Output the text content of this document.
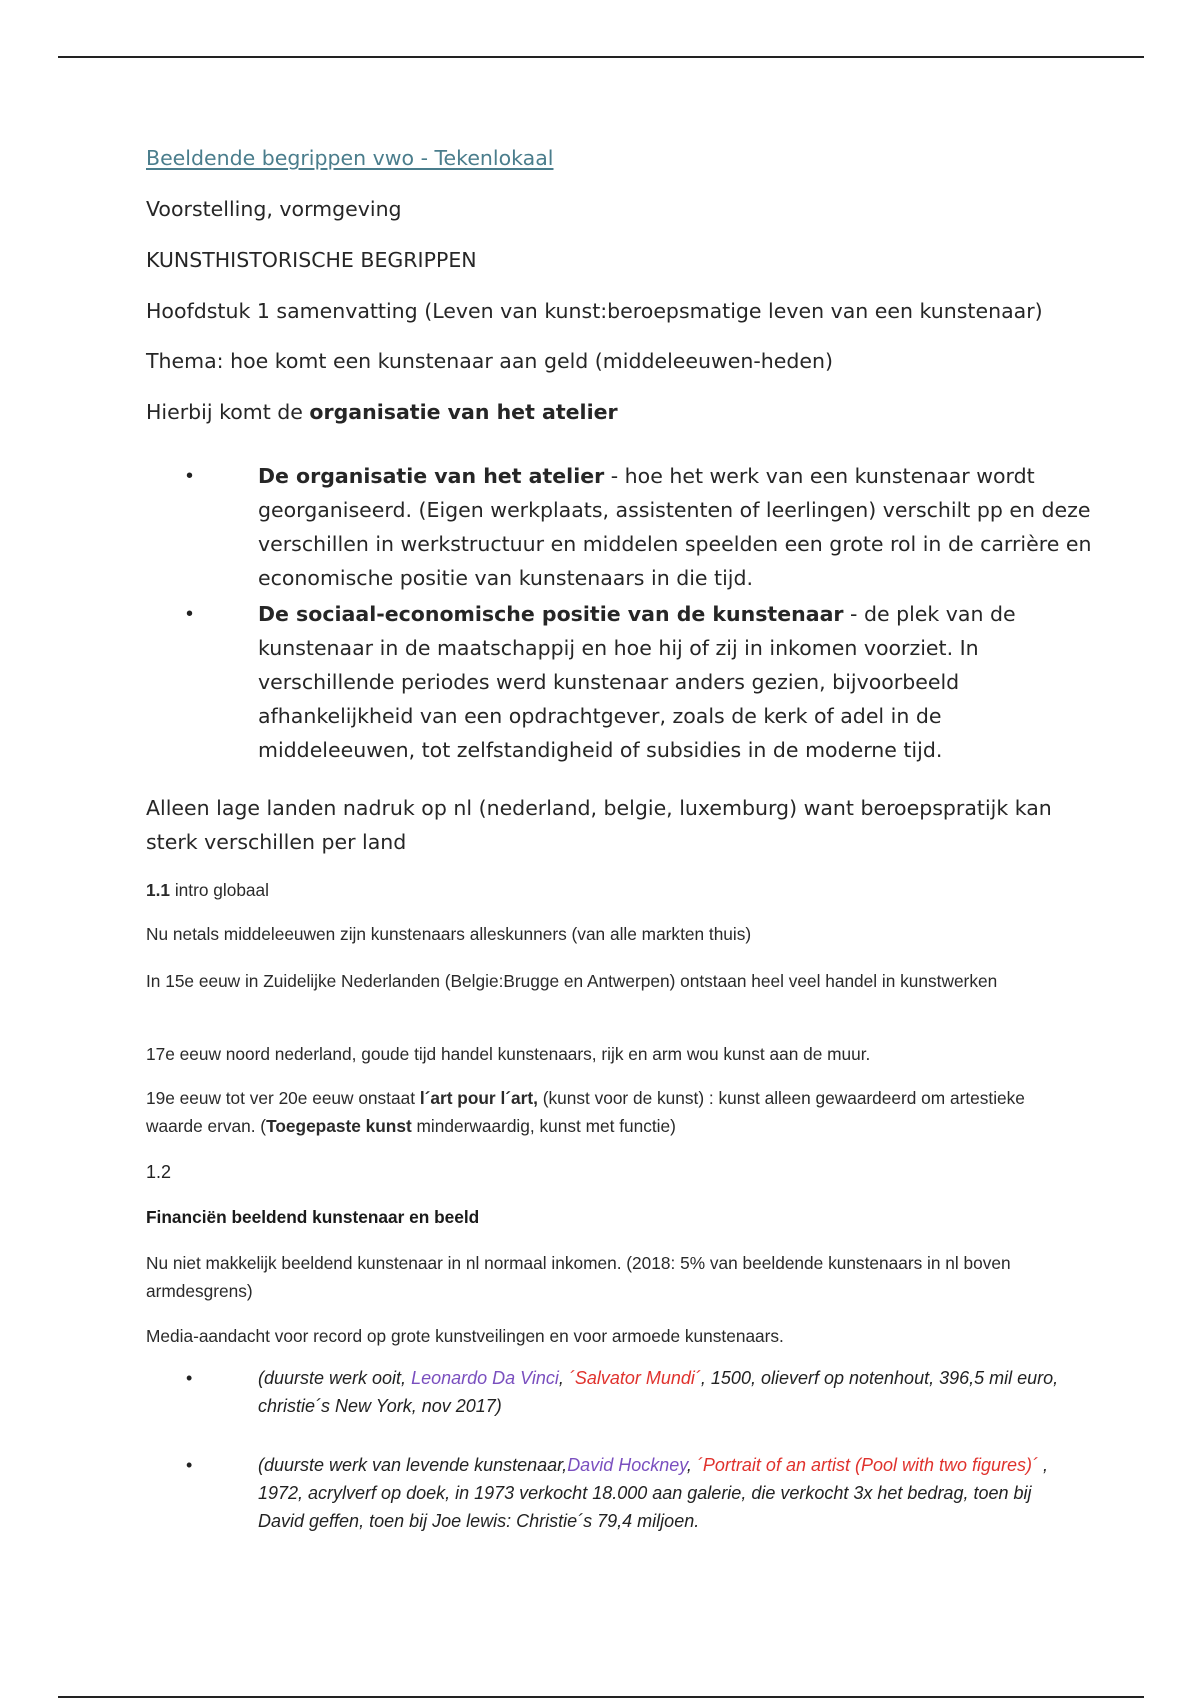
Beeldende begrippen vwo - Tekenlokaal
Voorstelling, vormgeving
KUNSTHISTORISCHE BEGRIPPEN
Hoofdstuk 1 samenvatting (Leven van kunst:beroepsmatige leven van een kunstenaar)
Thema: hoe komt een kunstenaar aan geld (middeleeuwen-heden)
Hierbij komt de organisatie van het atelier
•	De organisatie van het atelier - hoe het werk van een kunstenaar wordt georganiseerd. (Eigen werkplaats, assistenten of leerlingen) verschilt pp en deze verschillen in werkstructuur en middelen speelden een grote rol in de carrière en economische positie van kunstenaars in die tijd.
•	De sociaal-economische positie van de kunstenaar - de plek van de kunstenaar in de maatschappij en hoe hij of zij in inkomen voorziet. In verschillende periodes werd kunstenaar anders gezien, bijvoorbeeld afhankelijkheid van een opdrachtgever, zoals de kerk of adel in de middeleeuwen, tot zelfstandigheid of subsidies in de moderne tijd.
Alleen lage landen nadruk op nl (nederland, belgie, luxemburg) want beroepspratijk kan sterk verschillen per land
1.1 intro globaal
Nu netals middeleeuwen zijn kunstenaars alleskunners (van alle markten thuis)
In 15e eeuw in Zuidelijke Nederlanden (Belgie:Brugge en Antwerpen) ontstaan heel veel handel in kunstwerken
17e eeuw noord nederland, goude tijd handel kunstenaars, rijk en arm wou kunst aan de muur.
19e eeuw tot ver 20e eeuw onstaat l´art pour l´art, (kunst voor de kunst) : kunst alleen gewaardeerd om artestieke waarde ervan. (Toegepaste kunst minderwaardig, kunst met functie)
1.2
Financiën beeldend kunstenaar en beeld
Nu niet makkelijk beeldend kunstenaar in nl normaal inkomen. (2018: 5% van beeldende kunstenaars in nl boven armdesgrens)
Media-aandacht voor record op grote kunstveilingen en voor armoede kunstenaars.
•	(duurste werk ooit, Leonardo Da Vinci, ´Salvator Mundi´, 1500, olieverf op notenhout, 396,5 mil euro, christie´s New York, nov 2017)
•	(duurste werk van levende kunstenaar,David Hockney, ´Portrait of an artist (Pool with two figures)´ , 1972, acrylverf op doek, in 1973 verkocht 18.000 aan galerie, die verkocht 3x het bedrag, toen bij David geffen, toen bij Joe lewis: Christie´s 79,4 miljoen.
